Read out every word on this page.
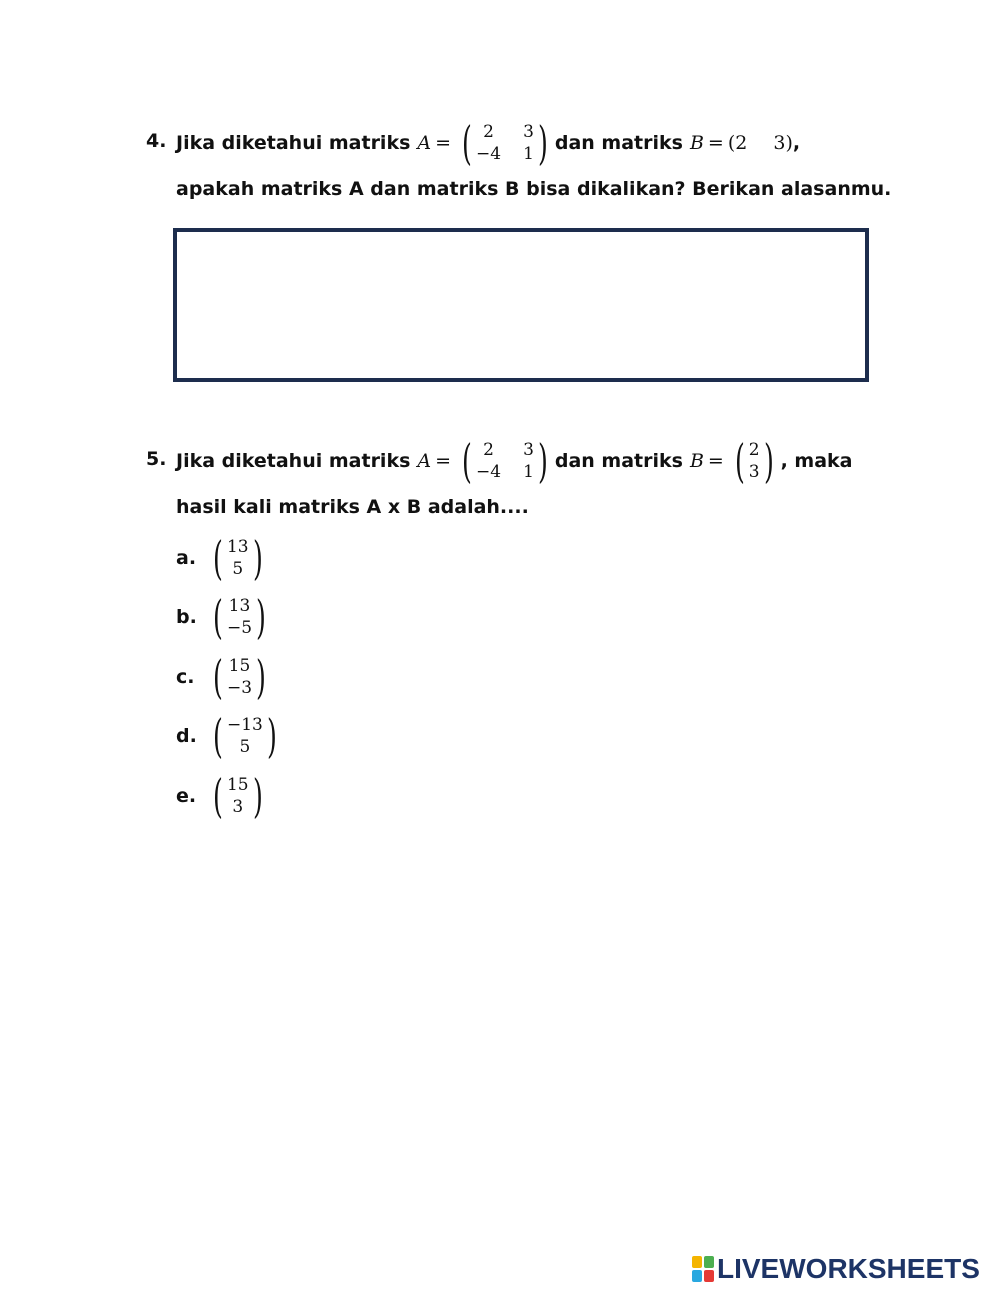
4. Jika diketahui matriks A = ( 2	3
−4 1 ) dan matriks B = (2 3) ,
apakah matriks A dan matriks B bisa dikalikan? Berikan alasanmu.
5. Jika diketahui matriks A = ( 2	3
−4 1 ) dan matriks B = ( 2
3 ) , maka
hasil kali matriks A x B adalah....
a. ( 13
5 )
b. ( 13
−5 )
c. ( 15
−3 )
d. ( −13
5 )
e. ( 15
3 )
LIVEWORKSHEETS
